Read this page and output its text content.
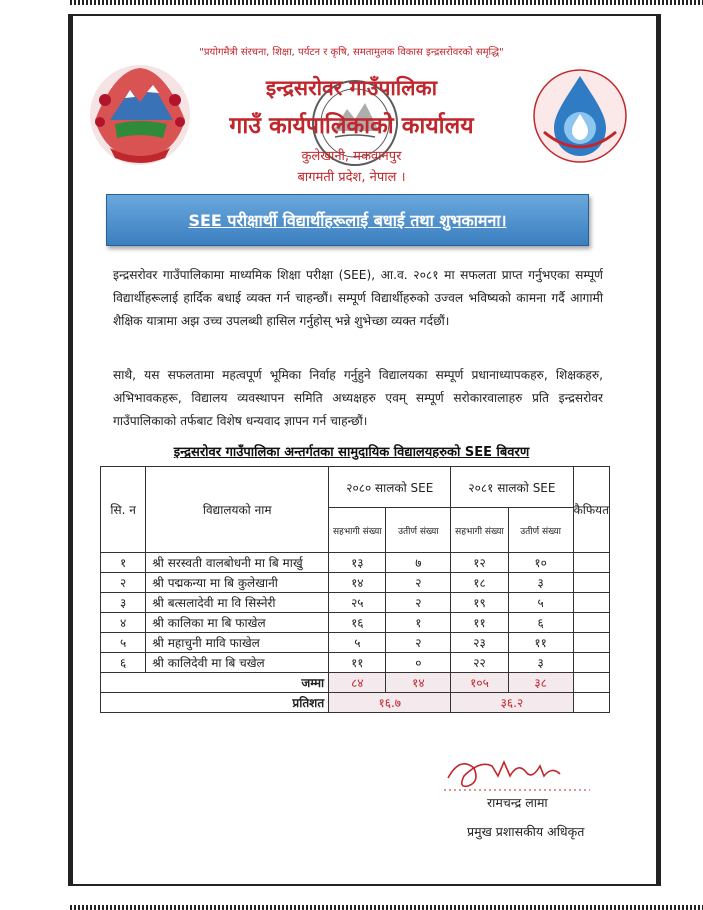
"प्रयोगमैत्री संरचना, शिक्षा, पर्यटन र कृषि, समतामुलक विकास इन्द्रसरोवरको समृद्धि"
इन्द्रसरोवर गाउँपालिका
गाउँ कार्यपालिकाको कार्यालय
कुलेखानी, मकवानपुर
बागमती प्रदेश, नेपाल ।
SEE परीक्षार्थी विद्यार्थीहरूलाई बधाई तथा शुभकामना।
इन्द्रसरोवर गाउँपालिकामा माध्यमिक शिक्षा परीक्षा (SEE), आ.व. २०८१ मा सफलता प्राप्त गर्नुभएका सम्पूर्ण विद्यार्थीहरूलाई हार्दिक बधाई व्यक्त गर्न चाहन्छौं। सम्पूर्ण विद्यार्थीहरुको उज्वल भविष्यको कामना गर्दै आगामी शैक्षिक यात्रामा अझ उच्च उपलब्धी हासिल गर्नुहोस् भन्ने शुभेच्छा व्यक्त गर्दछौं।
साथै, यस सफलतामा महत्वपूर्ण भूमिका निर्वाह गर्नुहुने विद्यालयका सम्पूर्ण प्रधानाध्यापकहरु, शिक्षकहरु, अभिभावकहरू, विद्यालय व्यवस्थापन समिति अध्यक्षहरु एवम् सम्पूर्ण सरोकारवालाहरु प्रति इन्द्रसरोवर गाउँपालिकाको तर्फबाट विशेष धन्यवाद ज्ञापन गर्न चाहन्छौं।
इन्द्रसरोवर गाउँपालिका अन्तर्गतका सामुदायिक विद्यालयहरुको SEE बिवरण
सि. न	विद्यालयको नाम	२०८० सालको SEE		२०८१ सालको SEE		कैफियत
		सहभागी संख्या	उतीर्ण संख्या	सहभागी संख्या	उतीर्ण संख्या	
१	श्री सरस्वती वालबोधनी मा बि मार्खु	१३	७	१२	१०	
२	श्री पद्मकन्या मा बि कुलेखानी	१४	२	१८	३	
३	श्री बत्सलादेवी मा वि सिस्नेरी	२५	२	१९	५	
४	श्री कालिका मा बि फाखेल	१६	१	११	६	
५	श्री महाचुनी मावि फाखेल	५	२	२३	११	
६	श्री कालिदेवी मा बि चखेल	११	०	२२	३	
जम्मा		८४	१४	१०५	३८	
प्रतिशत		१६.७		३६.२		
रामचन्द्र लामा
प्रमुख प्रशासकीय अधिकृत
